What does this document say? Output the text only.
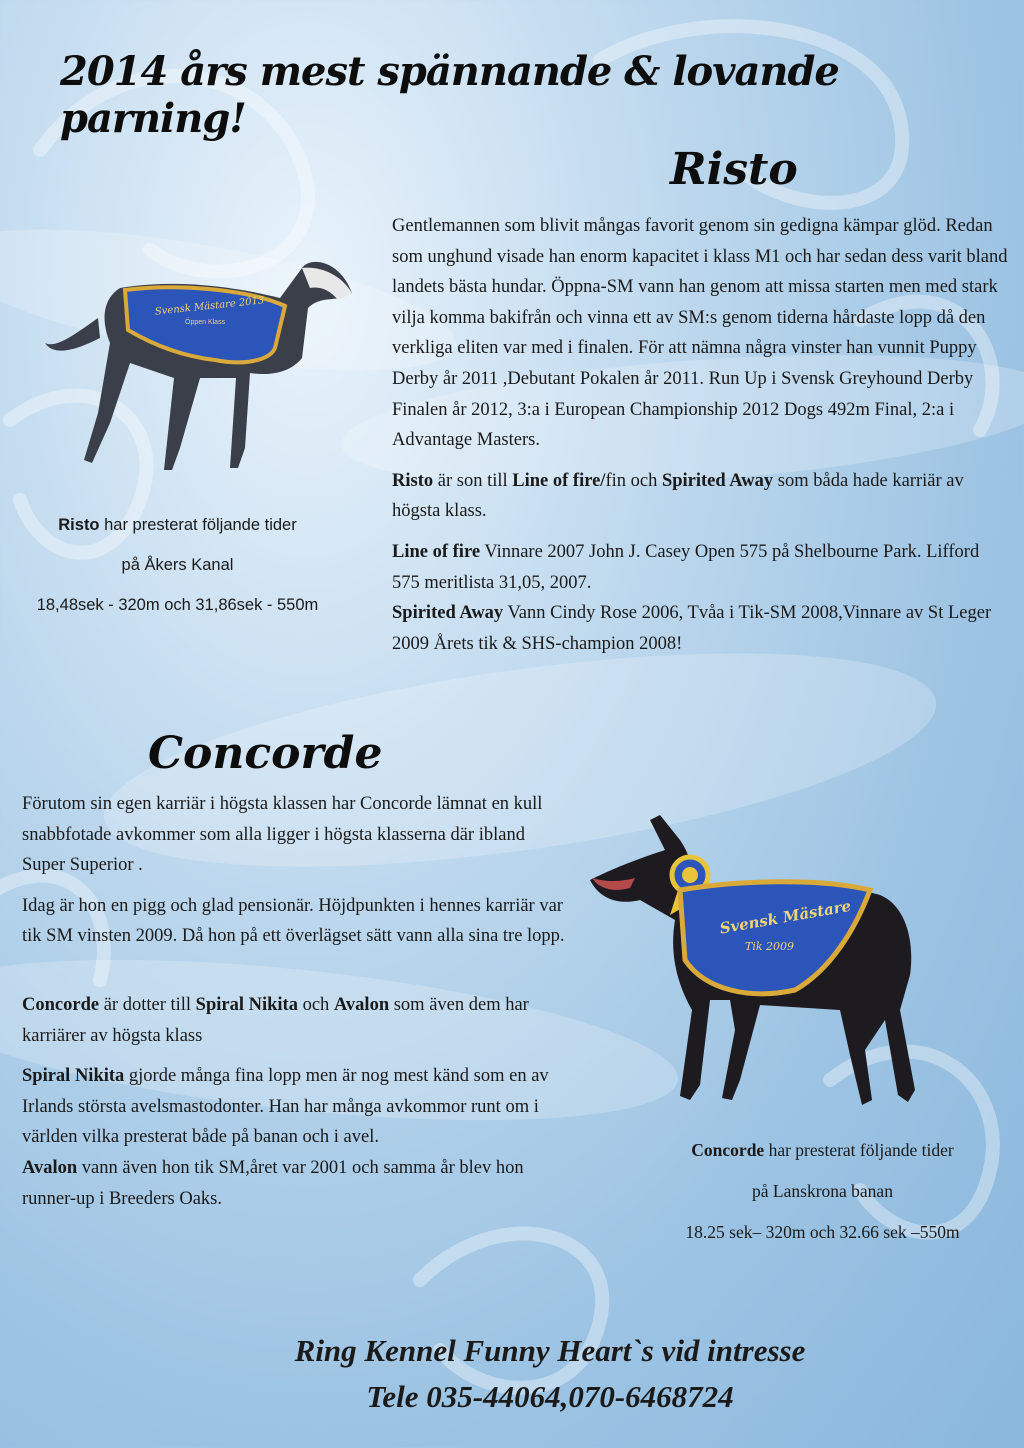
2014 års mest spännande & lovande parning!
Risto
Svensk Mästare 2013
Öppen Klass

Gentlemannen som blivit mångas favorit genom sin gedigna kämpar glöd. Redan som unghund visade han enorm kapacitet i klass M1 och har sedan dess varit bland landets bästa hundar. Öppna-SM vann han genom att missa starten men med stark vilja komma bakifrån och vinna ett av SM:s genom tiderna hårdaste lopp då den verkliga eliten var med i finalen. För att nämna några vinster han vunnit Puppy Derby år 2011 ,Debutant Pokalen år 2011. Run Up i Svensk Greyhound Derby Finalen år 2012, 3:a i European Championship 2012 Dogs 492m Final, 2:a i Advantage Masters.

Risto är son till Line of fire/fin och Spirited Away som båda hade karriär av högsta klass.

Line of fire Vinnare 2007 John J. Casey Open 575 på Shelbourne Park. Lifford 575 meritlista 31,05, 2007.

Spirited Away Vann Cindy Rose 2006, Tvåa i Tik-SM 2008,Vinnare av St Leger 2009 Årets tik & SHS-champion 2008!

Risto har presterat följande tider
på Åkers Kanal
18,48sek - 320m och 31,86sek - 550m
Concorde

Förutom sin egen karriär i högsta klassen har Concorde lämnat en kull snabbfotade avkommer som alla ligger i högsta klasserna där ibland Super Superior .

Idag är hon en pigg och glad pensionär. Höjdpunkten i hennes karriär var tik SM vinsten 2009. Då hon på ett överlägset sätt vann alla sina tre lopp.

Concorde är dotter till Spiral Nikita och Avalon som även dem har karriärer av högsta klass

Spiral Nikita gjorde många fina lopp men är nog mest känd som en av Irlands största avelsmastodonter. Han har många avkommor runt om i världen vilka presterat både på banan och i avel.

Avalon vann även hon tik SM,året var 2001 och samma år blev hon runner-up i Breeders Oaks.

Svensk Mästare
Tik 2009
Concorde har presterat följande tider
på Lanskrona banan
18.25 sek– 320m och 32.66 sek –550m
Ring Kennel Funny Heart`s vid intresse
Tele 035-44064,070-6468724
